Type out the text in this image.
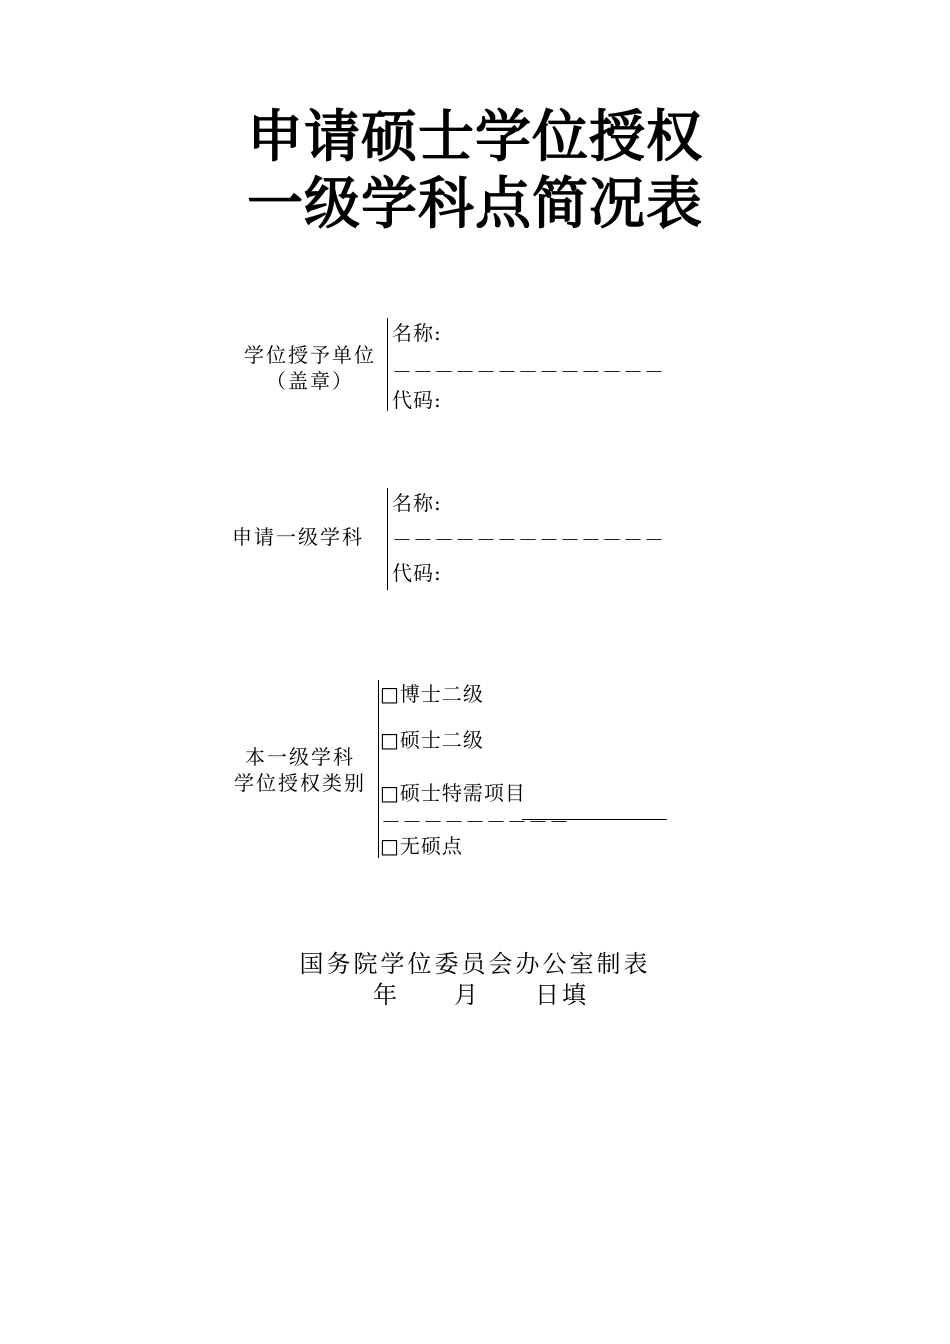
申请硕士学位授权
一级学科点简况表
学位授予单位
（盖章）
名称:
－－－－－－－－－－－－－
代码:
申请一级学科
名称:
－－－－－－－－－－－－－
代码:
本一级学科
学位授权类别
□博士二级
□硕士二级
□硕士特需项目
－－－－－－－－－
□无硕点
国务院学位委员会办公室制表
年　　月　　日填
